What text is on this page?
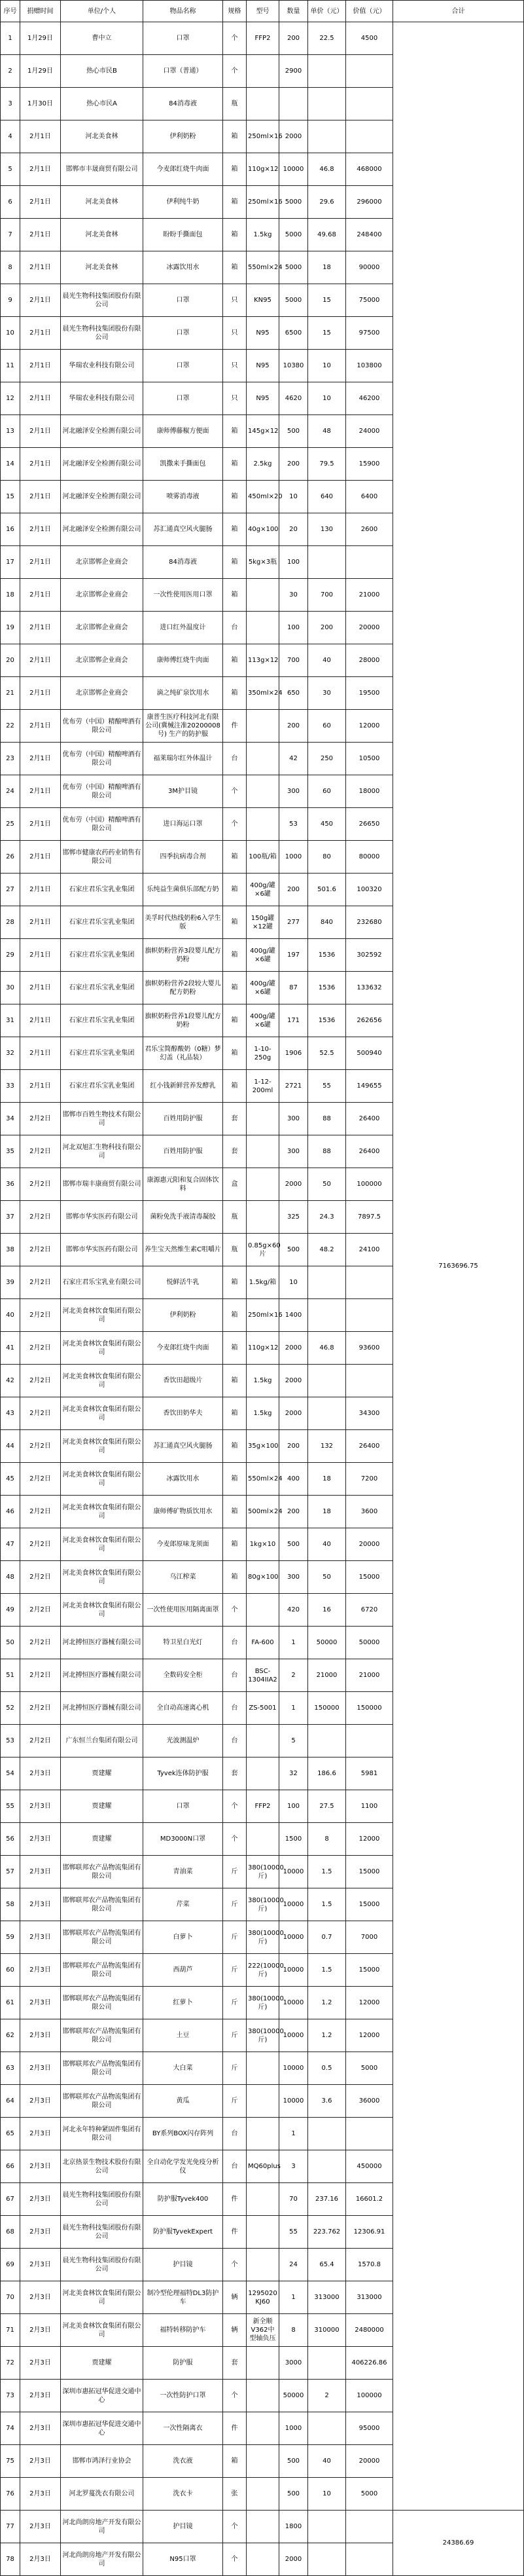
序号	捐赠时间	单位/个人	物品名称	规格	型号	数量	单价（元）	价值（元）	合计
1	1月29日	曹中立	口罩	个	FFP2	200	22.5	4500	7163696.75
2	1月29日	热心市民B	口罩（普通）	个		2900			
3	1月30日	热心市民A	84消毒液	瓶					
4	2月1日	河北美食林	伊利奶粉	箱	250ml×16	2000			
5	2月1日	邯郸市丰晟商贸有限公司	今麦郎红烧牛肉面	箱	110g×12	10000	46.8	468000	
6	2月1日	河北美食林	伊利纯牛奶	箱	250ml×16	5000	29.6	296000	
7	2月1日	河北美食林	盼盼手撕面包	箱	1.5kg	5000	49.68	248400	
8	2月1日	河北美食林	冰露饮用水	箱	550ml×24	5000	18	90000	
9	2月1日	晨光生物科技集团股份有限公司	口罩	只	KN95	5000	15	75000	
10	2月1日	晨光生物科技集团股份有限公司	口罩	只	N95	6500	15	97500	
11	2月1日	华瑞农业科技有限公司	口罩	只	N95	10380	10	103800	
12	2月1日	华瑞农业科技有限公司	口罩	只	N95	4620	10	46200	
13	2月1日	河北融泽安全检测有限公司	康师傅藤椒方便面	箱	145g×12	500	48	24000	
14	2月1日	河北融泽安全检测有限公司	凯撒来手撕面包	箱	2.5kg	200	79.5	15900	
15	2月1日	河北融泽安全检测有限公司	喷雾消毒液	箱	450ml×20	10	640	6400	
16	2月1日	河北融泽安全检测有限公司	苏汇通真空风火腿肠	箱	40g×100	20	130	2600	
17	2月1日	北京邯郸企业商会	84消毒液	箱	5kg×3瓶	100			
18	2月1日	北京邯郸企业商会	一次性使用医用口罩	箱		30	700	21000	
19	2月1日	北京邯郸企业商会	进口红外温度计	台		100	200	20000	
20	2月1日	北京邯郸企业商会	康师傅红烧牛肉面	箱	113g×12	700	40	28000	
21	2月1日	北京邯郸企业商会	滴之纯矿泉饮用水	箱	350ml×24	650	30	19500	
22	2月1日	优布劳（中国）精酿啤酒有限公司	康普生医疗科技河北有限公司(冀械注准20200008号) 生产的防护服	件		200	60	12000	
23	2月1日	优布劳（中国）精酿啤酒有限公司	福莱瑞尔红外体温计	台		42	250	10500	
24	2月1日	优布劳（中国）精酿啤酒有限公司	3M护目镜	个		300	60	18000	
25	2月1日	优布劳（中国）精酿啤酒有限公司	进口海运口罩	个		53	450	26650	
26	2月1日	邯郸市健康农药药业销售有限公司	四季抗病毒合剂	箱	100瓶/箱	1000	80	80000	
27	2月1日	石家庄君乐宝乳业集团	乐纯益生菌俱乐部配方奶	箱	400g/罐×6罐	200	501.6	100320	
28	2月1日	石家庄君乐宝乳业集团	美孚时代热线奶粉6入学生版	箱	150g罐×12罐	277	840	232680	
29	2月1日	石家庄君乐宝乳业集团	旗帜奶粉营养3段婴儿配方奶粉	箱	400g/罐×6罐	197	1536	302592	
30	2月1日	石家庄君乐宝乳业集团	旗帜奶粉营养2段较大婴儿配方奶粉	箱	400g/罐×6罐	87	1536	133632	
31	2月1日	石家庄君乐宝乳业集团	旗帜奶粉营养1段婴儿配方奶粉	箱	400g/罐×6罐	171	1536	262656	
32	2月1日	石家庄君乐宝乳业集团	君乐宝简醇酸奶（0糖）梦幻盖（礼品装）	箱	1-10-250g	1906	52.5	500940	
33	2月1日	石家庄君乐宝乳业集团	红小钱新鲜营养发酵乳	箱	1-12-200ml	2721	55	149655	
34	2月2日	邯郸市百姓生物技术有限公司	百姓用防护服	套		300	88	26400	
35	2月2日	河北双旭汇生物科技有限公司	百姓用防护服	套		300	88	26400	
36	2月2日	邯郸市瑞丰康商贸有限公司	康源惠元阳和复合固体饮料	盒		2000	50	100000	
37	2月2日	邯郸市华实医药有限公司	菌粉免洗手液清毒凝胶	瓶		325	24.3	7897.5	
38	2月2日	邯郸市华实医药有限公司	养生宝天然维生素C咀嚼片	瓶	0.85g×60片	500	48.2	24100	
39	2月2日	石家庄君乐宝乳业有限公司	悦鲜活牛乳	箱	1.5kg/箱	10			
40	2月2日	河北美食林饮食集团有限公司	伊利奶粉	箱	250ml×16	1400			
41	2月2日	河北美食林饮食集团有限公司	今麦郎红烧牛肉面	箱	110g×12	2000	46.8	93600	
42	2月2日	河北美食林饮食集团有限公司	香饮田超级片	箱	1.5kg	2000			
43	2月2日	河北美食林饮食集团有限公司	香饮田奶华夫	箱	1.5kg	2000		34300	
44	2月2日	河北美食林饮食集团有限公司	苏汇通真空风火腿肠	箱	35g×100	200	132	26400	
45	2月2日	河北美食林饮食集团有限公司	冰露饮用水	箱	550ml×24	400	18	7200	
46	2月2日	河北美食林饮食集团有限公司	康师傅矿物质饮用水	箱	500ml×24	200	18	3600	
47	2月2日	河北美食林饮食集团有限公司	今麦郎原味龙须面	箱	1kg×10	500	40	20000	
48	2月2日	河北美食林饮食集团有限公司	乌江榨菜	箱	80g×100	300	50	15000	
49	2月2日	河北美食林饮食集团有限公司	一次性使用医用隔离面罩	个		420	16	6720	
50	2月2日	河北搏恒医疗器械有限公司	特卫星白光灯	台	FA-600	1	50000	50000	
51	2月2日	河北搏恒医疗器械有限公司	全数码安全柜	台	BSC-1304IIA2	2	21000	21000	
52	2月2日	河北搏恒医疗器械有限公司	全自动高速离心机	台	ZS-5001	1	150000	150000	
53	2月2日	广东恒兰台集团有限公司	光波测温炉	台		5			
54	2月3日	贾建耀	Tyvek连体防护服	套		32	186.6	5981	
55	2月3日	贾建耀	口罩	个	FFP2	100	27.5	1100	
56	2月3日	贾建耀	MD3000N口罩	个		1500	8	12000	
57	2月3日	邯郸联邦农产品物流集团有限公司	青油菜	斤	380(10000斤)	10000	1.5	15000	
58	2月3日	邯郸联邦农产品物流集团有限公司	芹菜	斤	380(10000斤)	10000	1.5	15000	
59	2月3日	邯郸联邦农产品物流集团有限公司	白萝卜	斤	380(10000斤)	10000	0.7	7000	
60	2月3日	邯郸联邦农产品物流集团有限公司	西葫芦	斤	222(10000斤)	10000	1.5	15000	
61	2月3日	邯郸联邦农产品物流集团有限公司	红萝卜	斤	380(10000斤)	10000	1.2	12000	
62	2月3日	邯郸联邦农产品物流集团有限公司	土豆	斤	380(10000斤)	10000	1.2	12000	
63	2月3日	邯郸联邦农产品物流集团有限公司	大白菜	斤		10000	0.5	5000	
64	2月3日	邯郸联邦农产品物流集团有限公司	黄瓜	斤		10000	3.6	36000	
65	2月3日	河北永年特种紧固件集团有限公司	BY系列BOX闪存阵列	台		1			
66	2月3日	北京热景生物技术股份有限公司	全自动化学发光免疫分析仪	台	MQ60plus	3		450000	
67	2月3日	晨光生物科技集团股份有限公司	防护服Tyvek400	件		70	237.16	16601.2	
68	2月3日	晨光生物科技集团股份有限公司	防护服TyvekExpert	件		55	223.762	12306.91	
69	2月3日	晨光生物科技集团股份有限公司	护目镜	个		24	65.4	1570.8	
70	2月3日	河北美食林饮食集团有限公司	制冷型伦理福特DL3防护车	辆	1295020 KJ60	1	313000	313000	
71	2月3日	河北美食林饮食集团有限公司	福特转移防护车	辆	新全顺V362中型轴负压	8	310000	2480000	
72	2月3日	贾建耀	防护服	套		3000		406226.86	
73	2月3日	深圳市惠拓冠华促进交通中心	一次性防护口罩	个		50000	2	100000	
74	2月3日	深圳市惠拓冠华促进交通中心	一次性隔离衣	件		1000		95000	
75	2月3日	邯郸市鸿泽行业协会	洗衣液	箱		500	40	20000	
76	2月3日	河北罗蔓洗衣有限公司	洗衣卡	张		500	10	5000	
77	2月3日	河北尚朗房地产开发有限公司	护目镜	个		1800			24386.69
78	2月3日	河北尚朗房地产开发有限公司	N95口罩	个		2000			
